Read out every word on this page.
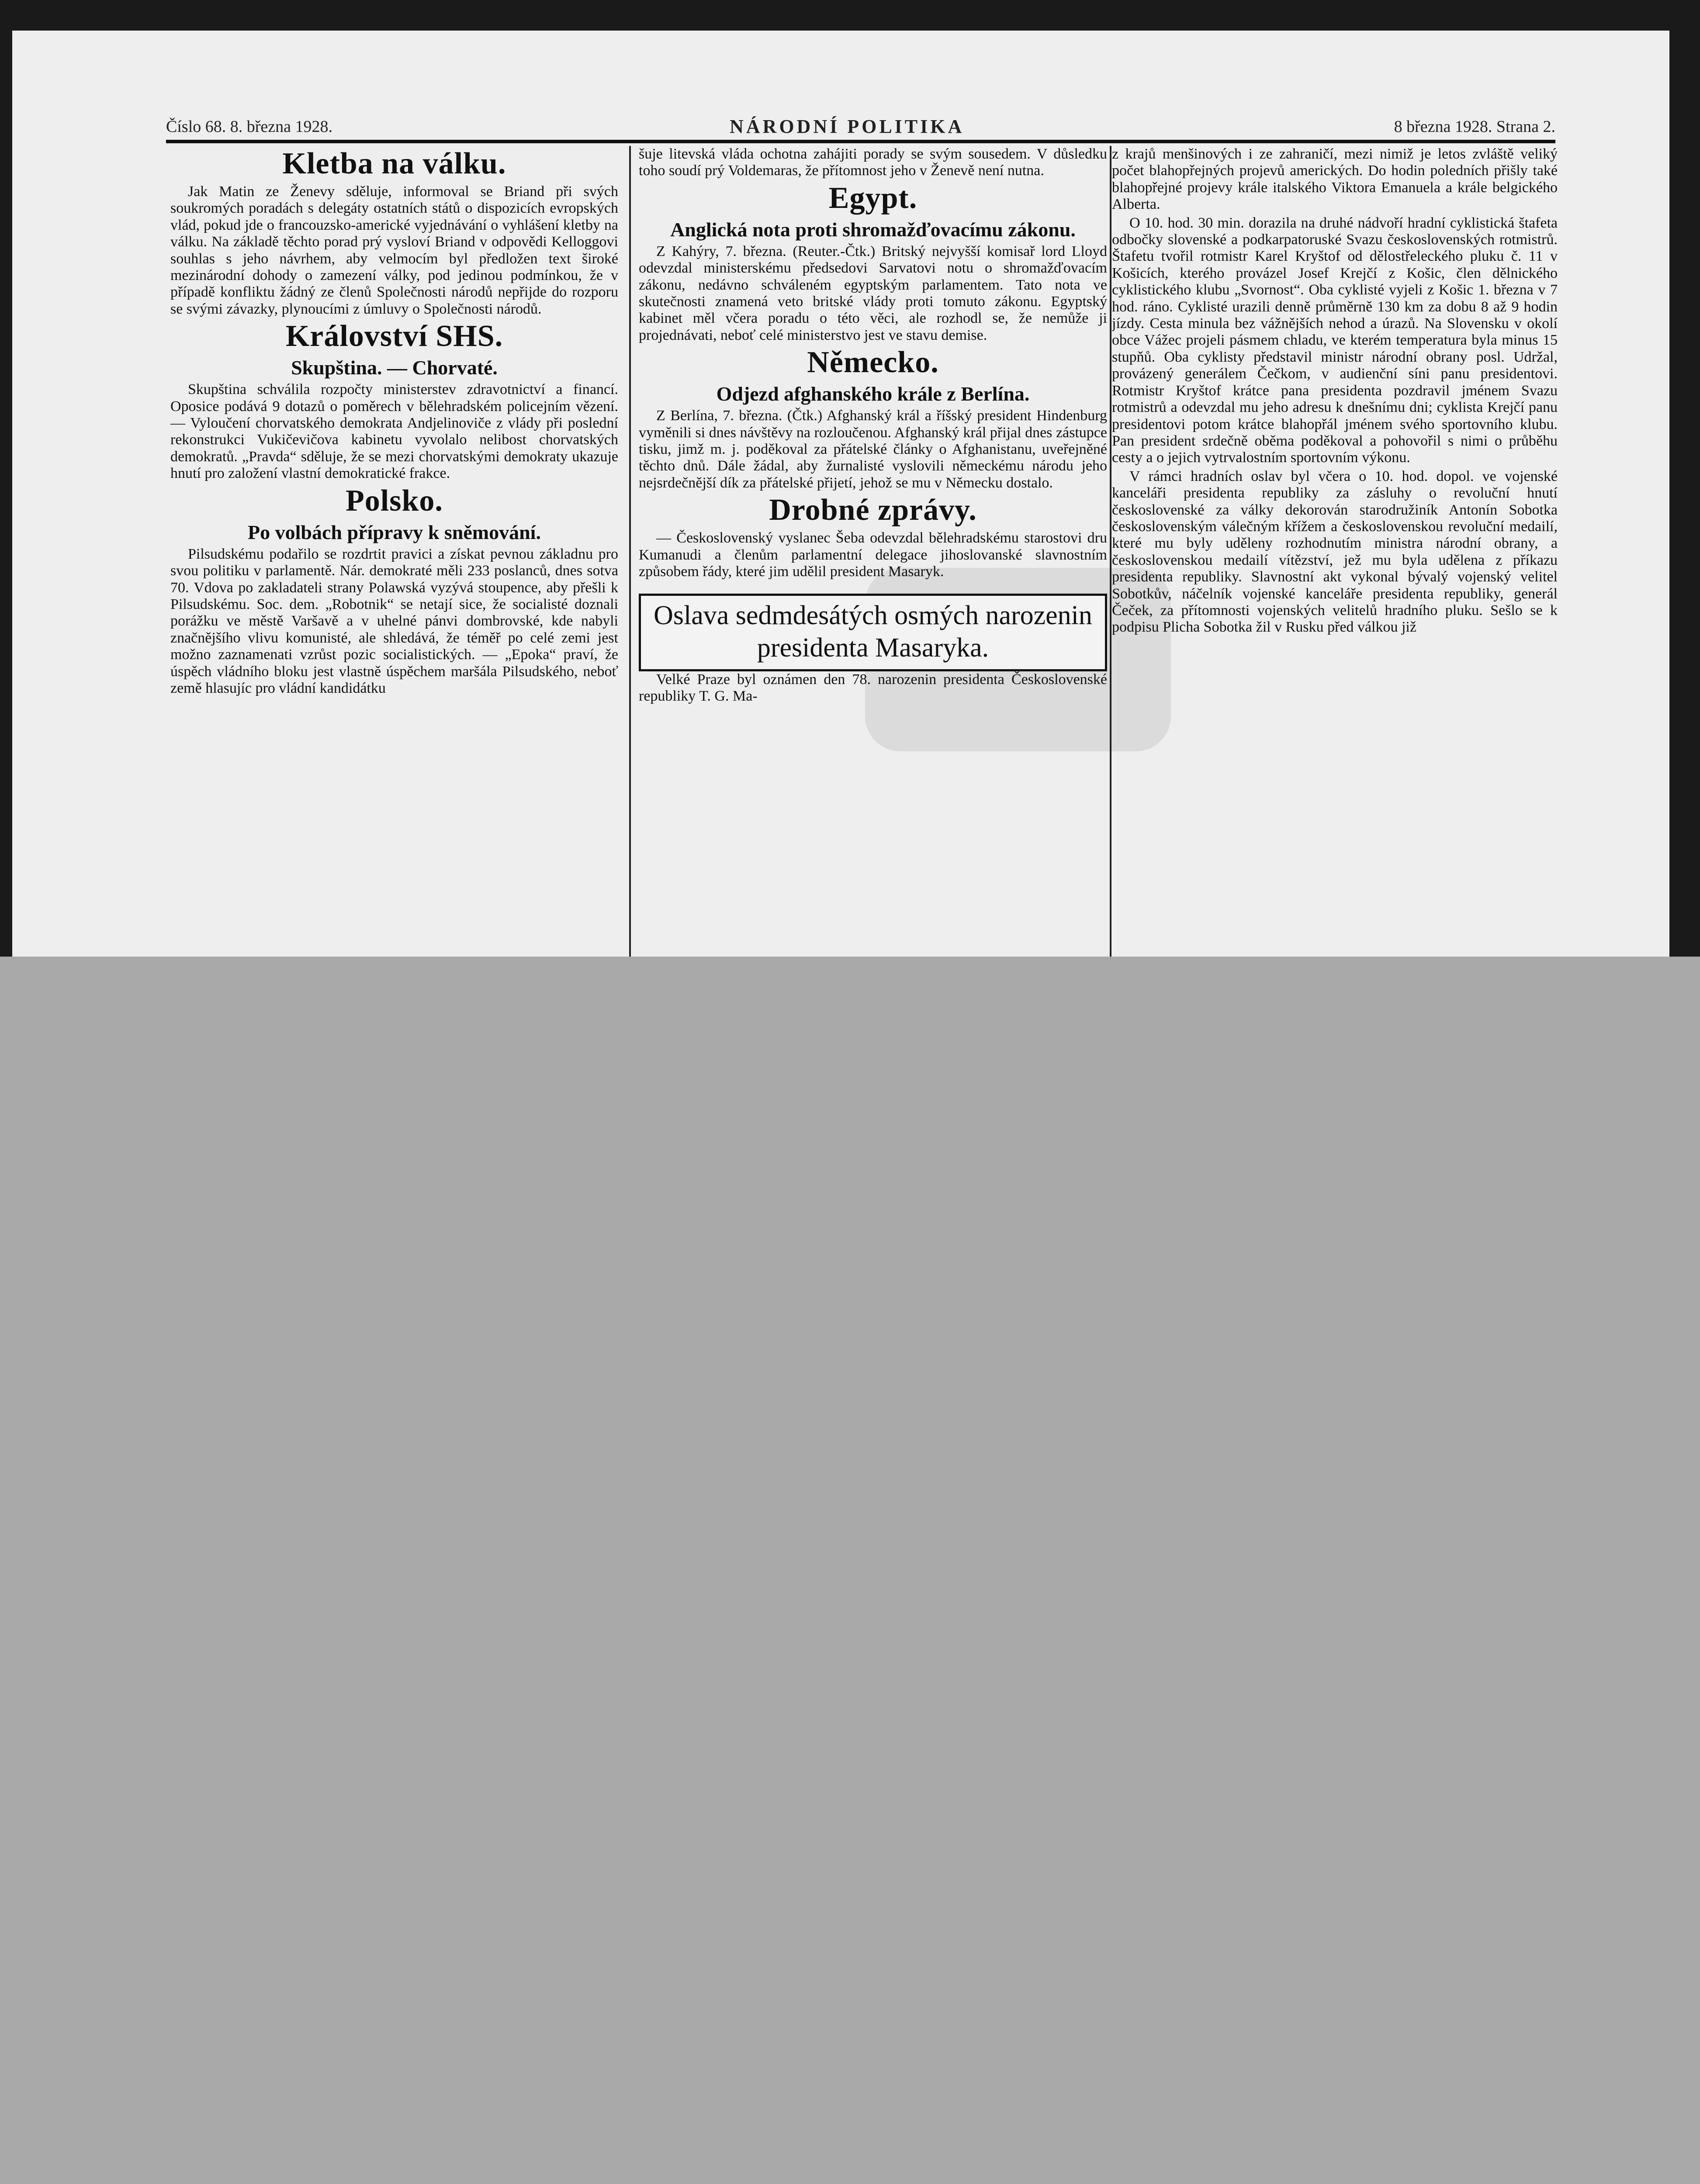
Číslo 68. 8. března 1928.	NÁRODNÍ POLITIKA	8 března 1928. Strana 2.
Kletba na válku.

Jak Matin ze Ženevy sděluje, informoval se Briand při svých soukromých poradách s delegáty ostatních států o dispozicích evropských vlád, pokud jde o francouzsko-americké vyjednávání o vyhlášení kletby na válku. Na základě těchto porad prý vysloví Briand v odpovědi Kelloggovi souhlas s jeho návrhem, aby velmocím byl předložen text široké mezinárodní dohody o zamezení války, pod jedinou podmínkou, že v případě konfliktu žádný ze členů Společnosti národů nepřijde do rozporu se svými závazky, plynoucími z úmluvy o Společnosti národů.

Království SHS.
Skupština. — Chorvaté.

Skupština schválila rozpočty ministerstev zdravotnictví a financí. Oposice podává 9 dotazů o poměrech v bělehradském policejním vězení. — Vyloučení chorvatského demokrata Andjelinoviče z vlády při poslední rekonstrukci Vukičevičova kabinetu vyvolalo nelibost chorvatských demokratů. „Pravda“ sděluje, že se mezi chorvatskými demokraty ukazuje hnutí pro založení vlastní demokratické frakce.

Polsko.
Po volbách přípravy k sněmování.

Pilsudskému podařilo se rozdrtit pravici a získat pevnou základnu pro svou politiku v parlamentě. Nár. demokraté měli 233 poslanců, dnes sotva 70. Vdova po zakladateli strany Polawská vyzývá stoupence, aby přešli k Pilsudskému. Soc. dem. „Robotnik“ se netají sice, že socialisté doznali porážku ve městě Varšavě a v uhelné pánvi dombrovské, kde nabyli značnějšího vlivu komunisté, ale shledává, že téměř po celé zemi jest možno zaznamenati vzrůst pozic socialistických. — „Epoka“ praví, že úspěch vládního bloku jest vlastně úspěchem maršála Pilsudského, neboť země hlasujíc pro vládní kandidátku

šuje litevská vláda ochotna zahájiti porady se svým sousedem. V důsledku toho soudí prý Voldemaras, že přítomnost jeho v Ženevě není nutna.

Egypt.
Anglická nota proti shromažďovacímu zákonu.

Z Kahýry, 7. března. (Reuter.-Čtk.) Britský nejvyšší komisař lord Lloyd odevzdal ministerskému předsedovi Sarvatovi notu o shromažďovacím zákonu, nedávno schváleném egyptským parlamentem. Tato nota ve skutečnosti znamená veto britské vlády proti tomuto zákonu. Egyptský kabinet měl včera poradu o této věci, ale rozhodl se, že nemůže ji projednávati, neboť celé ministerstvo jest ve stavu demise.

Německo.
Odjezd afghanského krále z Berlína.

Z Berlína, 7. března. (Čtk.) Afghanský král a říšský president Hindenburg vyměnili si dnes návštěvy na rozloučenou. Afghanský král přijal dnes zástupce tisku, jimž m. j. poděkoval za přátelské články o Afghanistanu, uveřejněné těchto dnů. Dále žádal, aby žurnalisté vyslovili německému národu jeho nejsrdečnější dík za přátelské přijetí, jehož se mu v Německu dostalo.

Drobné zprávy.

— Československý vyslanec Šeba odevzdal bělehradskému starostovi dru Kumanudi a členům parlamentní delegace jihoslovanské slavnostním způsobem řády, které jim udělil president Masaryk.

Oslava sedmdesátých osmých narozenin presidenta Masaryka.

Velké Praze byl oznámen den 78. narozenin presidenta Československé republiky T. G. Ma-

z krajů menšinových i ze zahraničí, mezi nimiž je letos zvláště veliký počet blahopřejných projevů amerických. Do hodin poledních přišly také blahopřejné projevy krále italského Viktora Emanuela a krále belgického Alberta.

O 10. hod. 30 min. dorazila na druhé nádvoří hradní cyklistická štafeta odbočky slovenské a podkarpatoruské Svazu československých rotmistrů. Štafetu tvořil rotmistr Karel Kryštof od dělostřeleckého pluku č. 11 v Košicích, kterého provázel Josef Krejčí z Košic, člen dělnického cyklistického klubu „Svornost“. Oba cyklisté vyjeli z Košic 1. března v 7 hod. ráno. Cyklisté urazili denně průměrně 130 km za dobu 8 až 9 hodin jízdy. Cesta minula bez vážnějších nehod a úrazů. Na Slovensku v okolí obce Vážec projeli pásmem chladu, ve kterém temperatura byla minus 15 stupňů. Oba cyklisty představil ministr národní obrany posl. Udržal, provázený generálem Čečkom, v audienční síni panu presidentovi. Rotmistr Kryštof krátce pana presidenta pozdravil jménem Svazu rotmistrů a odevzdal mu jeho adresu k dnešnímu dni; cyklista Krejčí panu presidentovi potom krátce blahopřál jménem svého sportovního klubu. Pan president srdečně oběma poděkoval a pohovořil s nimi o průběhu cesty a o jejich vytrvalostním sportovním výkonu.

V rámci hradních oslav byl včera o 10. hod. dopol. ve vojenské kanceláři presidenta republiky za zásluhy o revoluční hnutí československé za války dekorován starodružiník Antonín Sobotka československým válečným křížem a československou revoluční medailí, které mu byly uděleny rozhodnutím ministra národní obrany, a československou medailí vítězství, jež mu byla udělena z příkazu presidenta republiky. Slavnostní akt vykonal bývalý vojenský velitel Sobotkův, náčelník vojenské kanceláře presidenta republiky, generál Čeček, za přítomnosti vojenských velitelů hradního pluku. Sešlo se k podpisu Plicha Sobotka žil v Rusku před válkou již
